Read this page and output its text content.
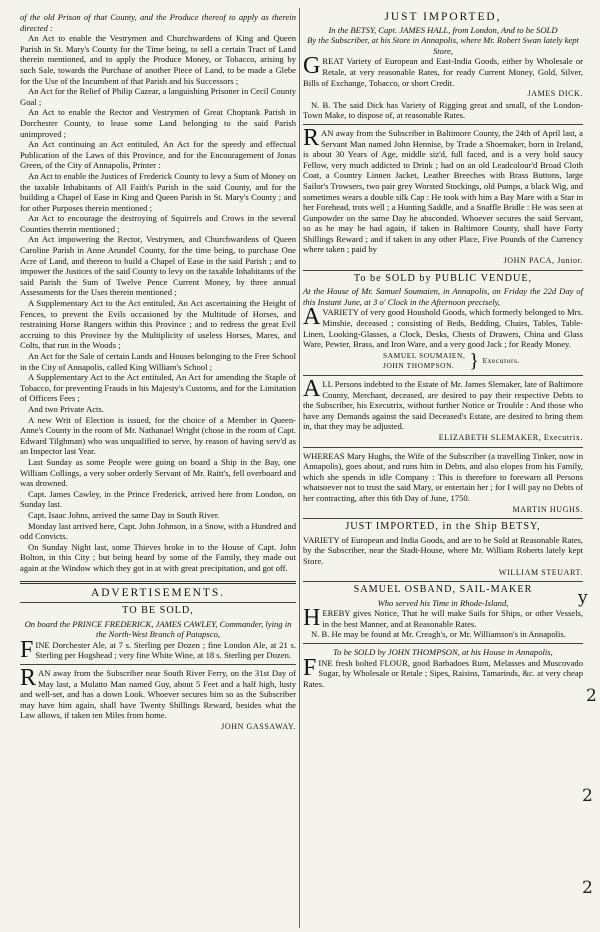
of the old Prison of that County, and the Produce thereof to apply as therein directed :

An Act to enable the Vestrymen and Churchwardens of King and Queen Parish in St. Mary's County for the Time being, to sell a certain Tract of Land therein mentioned, and to apply the Produce Money, or Tobacco, arising by such Sale, towards the Purchase of another Piece of Land, to be made a Glebe for the Use of the Incumbent of that Parish and his Successors ;

An Act for the Relief of Philip Cazear, a languishing Prisoner in Cecil County Goal ;

An Act to enable the Rector and Vestrymen of Great Choptank Parish in Dorchester County, to lease some Land belonging to the said Parish unimproved ;

An Act continuing an Act entituled, An Act for the speedy and effectual Publication of the Laws of this Province, and for the Encouragement of Jonas Green, of the City of Annapolis, Printer :

An Act to enable the Justices of Frederick County to levy a Sum of Money on the taxable Inhabitants of All Faith's Parish in the said County, and for the building a Chapel of Ease in King and Queen Parish in St. Mary's County ; and for other Purposes therein mentioned ;

An Act to encourage the destroying of Squirrels and Crows in the several Counties therein mentioned ;

An Act impowering the Rector, Vestrymen, and Churchwardens of Queen Caroline Parish in Anne Arundel County, for the time being, to purchase One Acre of Land, and thereon to build a Chapel of Ease in the said Parish ; and to impower the Justices of the said County to levy on the taxable Inhabitants of the said Parish the Sum of Twelve Pence Current Money, by three annual Assessments for the Uses therein mentioned ;

A Supplementary Act to the Act entituled, An Act ascertaining the Height of Fences, to prevent the Evils occasioned by the Multitude of Horses, and restraining Horse Rangers within this Province ; and to redress the great Evil accruing to this Province by the Multiplicity of useless Horses, Mares, and Colts, that run in the Woods ;

An Act for the Sale of certain Lands and Houses belonging to the Free School in the City of Annapolis, called King William's School ;

A Supplementary Act to the Act entituled, An Act for amending the Staple of Tobacco, for preventing Frauds in his Majesty's Customs, and for the Limitation of Officers Fees ;

And two Private Acts.

A new Writ of Election is issued, for the choice of a Member in Queen-Anne's County in the room of Mr. Nathanael Wright (chose in the room of Capt. Edward Tilghman) who was unqualified to serve, by reason of having serv'd as an Inspector last Year.

Last Sunday as some People were going on board a Ship in the Bay, one William Collings, a very sober orderly Servant of Mr. Raitt's, fell overboard and was drowned.

Capt. James Cawley, in the Prince Frederick, arrived here from London, on Sunday last.

Capt. Isaac Johns, arrived the same Day in South River.

Monday last arrived here, Capt. John Johnson, in a Snow, with a Hundred and odd Convicts.

On Sunday Night last, some Thieves broke in to the House of Capt. John Bolton, in this City ; but being heard by some of the Family, they made out again at the Window which they got in at with great precipitation, and got off.

ADVERTISEMENTS.
TO BE SOLD,

On board the PRINCE FREDERICK, JAMES CAWLEY, Commander, lying in the North-West Branch of Patapsco,

FINE Dorchester Ale, at 7 s. Sterling per Dozen ; fine London Ale, at 21 s. Sterling per Hogshead ; very fine White Wine, at 18 s. Sterling per Dozen.

RAN away from the Subscriber near South River Ferry, on the 31st Day of May last, a Mulatto Man named Guy, about 5 Feet and a half high, lusty and well-set, and has a down Look. Whoever secures him so as the Subscriber may have him again, shall have Twenty Shillings Reward, besides what the Law allows, if taken ten Miles from home.

JOHN GASSAWAY.
JUST IMPORTED,

In the BETSY, Capt. JAMES HALL, from London, And to be SOLD

By the Subscriber, at his Store in Annapolis, where Mr. Robert Swan lately kept Store,

GREAT Variety of European and East-India Goods, either by Wholesale or Retale, at very reasonable Rates, for ready Current Money, Gold, Silver, Bills of Exchange, Tobacco, or short Credit.

JAMES DICK.

N. B. The said Dick has Variety of Rigging great and small, of the London-Town Make, to dispose of, at reasonable Rates.

RAN away from the Subscriber in Baltimore County, the 24th of April last, a Servant Man named John Hennise, by Trade a Shoemaker, born in Ireland, is about 30 Years of Age, middle siz'd, full faced, and is a very bold saucy Fellow, very much addicted to Drink ; had on an old Leadcolour'd Broad Cloth Coat, a Country Linnen Jacket, Leather Breeches with Brass Buttons, large Sailor's Trowsers, two pair grey Worsted Stockings, old Pumps, a black Wig, and sometimes wears a double silk Cap : He took with him a Bay Mare with a Star in her Forehead, trots well ; a Hunting Saddle, and a Snaffle Bridle : He was seen at Gunpowder on the same Day he absconded. Whoever secures the said Servant, so as he may be had again, if taken in Baltimore County, shall have Forty Shillings Reward ; and if taken in any other Place, Five Pounds of the Currency where taken ; paid by

JOHN PACA, Junior.
To be SOLD by PUBLIC VENDUE,

At the House of Mr. Samuel Soumaien, in Annapolis, on Friday the 22d Day of this Instant June, at 3 o' Clock in the Afternoon precisely,

AVARIETY of very good Houshold Goods, which formerly belonged to Mrs. Minshie, deceased ; consisting of Beds, Bedding, Chairs, Tables, Table-Linen, Looking-Glasses, a Clock, Desks, Chests of Drawers, China and Glass Ware, Pewter, Brass, and Iron Ware, and a very good Jack ; for Ready Money.

SAMUEL SOUMAIEN,
JOHN THOMPSON. } Executors.

ALL Persons indebted to the Estate of Mr. James Slemaker, late of Baltimore County, Merchant, deceased, are desired to pay their respective Debts to the Subscriber, his Executrix, without further Notice or Trouble : And those who have any Demands against the said Deceased's Estate, are desired to bring them in, that they may be adjusted.

ELIZABETH SLEMAKER, Executrix.

WHEREAS Mary Hughs, the Wife of the Subscriber (a travelling Tinker, now in Annapolis), goes about, and runs him in Debts, and also elopes from his Family, which she spends in idle Company : This is therefore to forewarn all Persons whatsoever not to trust the said Mary, or entertain her ; for I will pay no Debts of her contracting, after this 6th Day of June, 1750.

MARTIN HUGHS.
JUST IMPORTED, in the Ship BETSY,

VARIETY of European and India Goods, and are to be Sold at Reasonable Rates, by the Subscriber, near the Stadt-House, where Mr. William Roberts lately kept Store.

WILLIAM STEUART.
SAMUEL OSBAND, SAIL-MAKER

Who served his Time in Rhode-Island,

HEREBY gives Notice, That he will make Sails for Ships, or other Vessels, in the best Manner, and at Reasonable Rates.

N. B. He may be found at Mr. Creagh's, or Mr. Williamson's in Annapolis.

To be SOLD by JOHN THOMPSON, at his House in Annapolis,

FINE fresh bolted FLOUR, good Barbadoes Rum, Melasses and Muscovado Sugar, by Wholesale or Retale ; Sipes, Raisins, Tamarinds, &c. at very cheap Rates.

y
2
2
2
